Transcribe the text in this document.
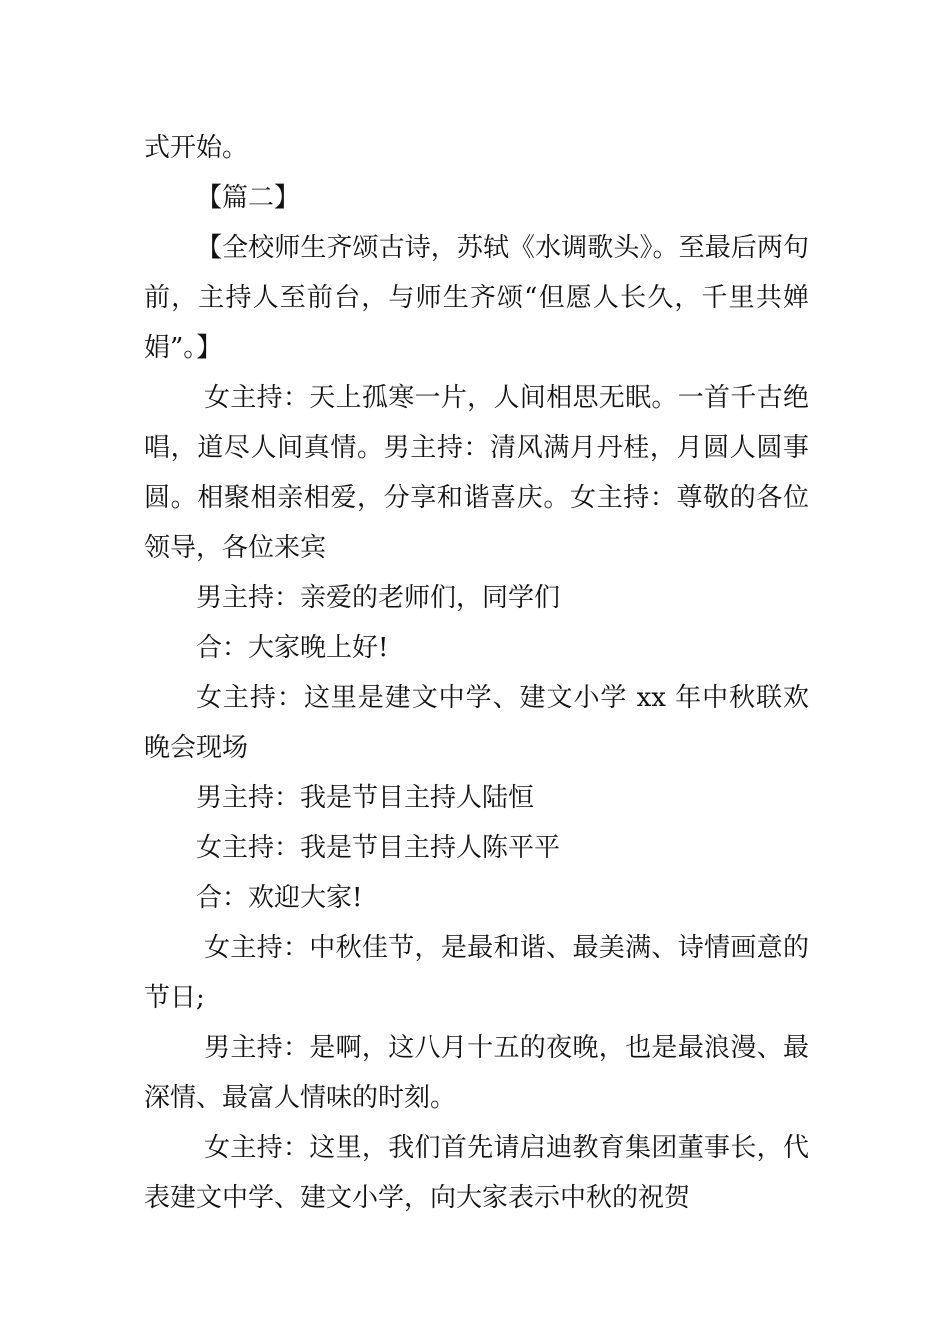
式开始。

【篇二】

【全校师生齐颂古诗，苏轼《水调歌头》。至最后两句前，主持人至前台，与师生齐颂“但愿人长久，千里共婵娟”。】

女主持：天上孤寒一片，人间相思无眠。一首千古绝唱，道尽人间真情。男主持：清风满月丹桂，月圆人圆事圆。相聚相亲相爱，分享和谐喜庆。女主持：尊敬的各位领导，各位来宾

男主持：亲爱的老师们，同学们

合：大家晚上好!

女主持：这里是建文中学、建文小学 xx 年中秋联欢晚会现场

男主持：我是节目主持人陆恒

女主持：我是节目主持人陈平平

合：欢迎大家!

女主持：中秋佳节，是最和谐、最美满、诗情画意的节日;

男主持：是啊，这八月十五的夜晚，也是最浪漫、最深情、最富人情味的时刻。

女主持：这里，我们首先请启迪教育集团董事长，代表建文中学、建文小学，向大家表示中秋的祝贺
